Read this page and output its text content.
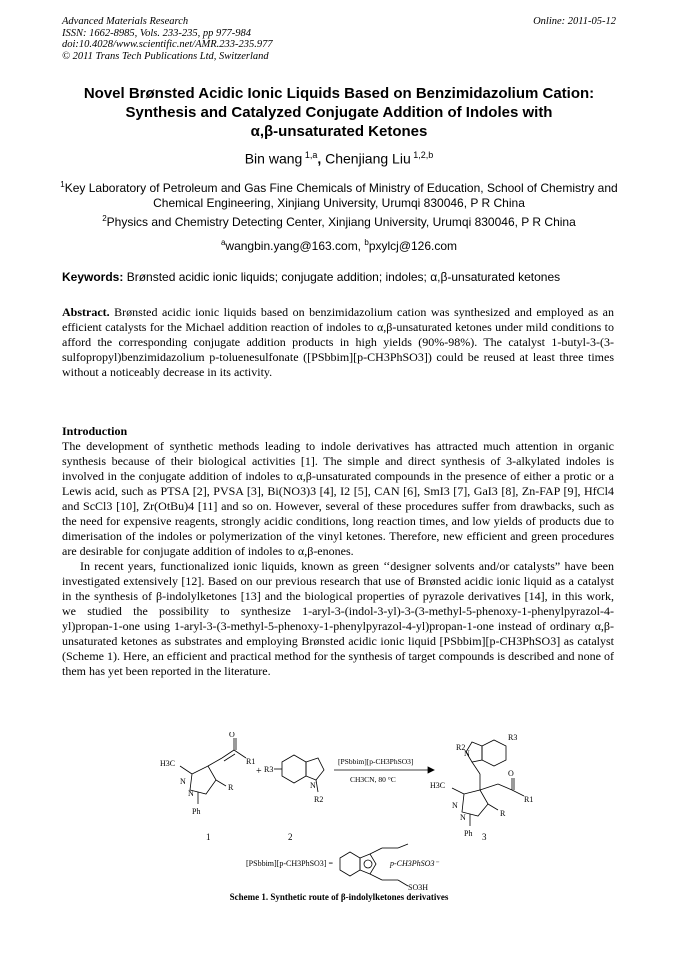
Advanced Materials Research
ISSN: 1662-8985, Vols. 233-235, pp 977-984
doi:10.4028/www.scientific.net/AMR.233-235.977
© 2011 Trans Tech Publications Ltd, Switzerland
Online: 2011-05-12
Novel Brønsted Acidic Ionic Liquids Based on Benzimidazolium Cation:
Synthesis and Catalyzed Conjugate Addition of Indoles with
α,β-unsaturated Ketones
Bin wang $^{1,a}$, Chenjiang Liu $^{1,2,b}$
$^1$Key Laboratory of Petroleum and Gas Fine Chemicals of Ministry of Education, School of Chemistry and Chemical Engineering, Xinjiang University, Urumqi 830046, P R China
$^2$Physics and Chemistry Detecting Center, Xinjiang University, Urumqi 830046, P R China
$^a$wangbin.yang@163.com, $^b$pxylcj@126.com
Keywords: Brønsted acidic ionic liquids; conjugate addition; indoles; α,β-unsaturated ketones

Abstract. Brønsted acidic ionic liquids based on benzimidazolium cation was synthesized and employed as an efficient catalysts for the Michael addition reaction of indoles to α,β-unsaturated ketones under mild conditions to afford the corresponding conjugate addition products in high yields (90%-98%). The catalyst 1-butyl-3-(3-sulfopropyl)benzimidazolium p-toluenesulfonate ([PSbbim][p-CH3PhSO3]) could be reused at least three times without a noticeably decrease in its activity.

Introduction

The development of synthetic methods leading to indole derivatives has attracted much attention in organic synthesis because of their biological activities [1]. The simple and direct synthesis of 3-alkylated indoles is involved in the conjugate addition of indoles to α,β-unsaturated compounds in the presence of either a protic or a Lewis acid, such as PTSA [2], PVSA [3], Bi(NO3)3 [4], I2 [5], CAN [6], SmI3 [7], GaI3 [8], Zn-FAP [9], HfCl4 and ScCl3 [10], Zr(OtBu)4 [11] and so on. However, several of these procedures suffer from drawbacks, such as the need for expensive reagents, strongly acidic conditions, long reaction times, and low yields of products due to dimerisation of the indoles or polymerization of the vinyl ketones. Therefore, new efficient and green procedures are desirable for conjugate addition of indoles to α,β-enones.

In recent years, functionalized ionic liquids, known as green ‘‘designer solvents and/or catalysts” have been investigated extensively [12]. Based on our previous research that use of Brønsted acidic ionic liquid as a catalyst in the synthesis of β-indolylketones [13] and the biological properties of pyrazole derivatives [14], in this work, we studied the possibility to synthesize 1-aryl-3-(indol-3-yl)-3-(3-methyl-5-phenoxy-1-phenylpyrazol-4-yl)propan-1-one using 1-aryl-3-(3-methyl-5-phenoxy-1-phenylpyrazol-4-yl)propan-1-one instead of ordinary α,β-unsaturated ketones as substrates and employing Brønsted acidic ionic liquid [PSbbim][p-CH3PhSO3] as catalyst (Scheme 1). Here, an efficient and practical method for the synthesis of target compounds is described and none of them has yet been reported in the literature.

O
R1
H3C
N
N
R
Ph
1
+ R3
N
R2
2
[PSbbim][p-CH3PhSO3]
CH3CN, 80 °C
R2
N
R3
O
R1
H3C
N
N	R
Ph 3
[PSbbim][p-CH3PhSO3] =	p-CH3PhSO3⁻
SO3H
Scheme 1. Synthetic route of β-indolylketones derivatives
